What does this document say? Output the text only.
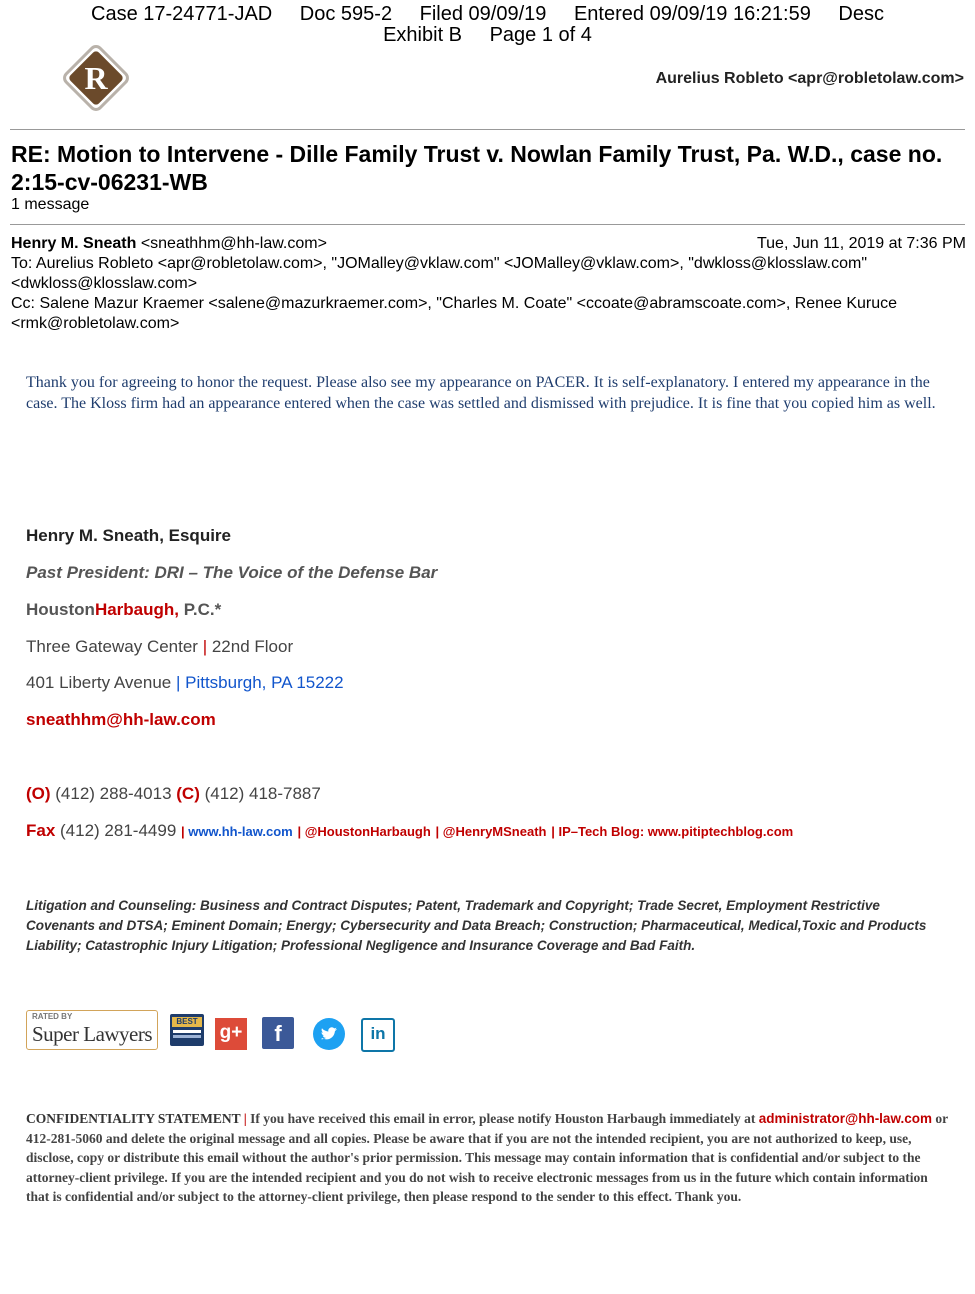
Case 17-24771-JAD Doc 595-2 Filed 09/09/19 Entered 09/09/19 16:21:59 Desc
Exhibit B Page 1 of 4
R	Aurelius Robleto <apr@robletolaw.com>
RE: Motion to Intervene - Dille Family Trust v. Nowlan Family Trust, Pa. W.D., case no. 2:15-cv-06231-WB
1 message
Henry M. Sneath <sneathhm@hh-law.com>	Tue, Jun 11, 2019 at 7:36 PM
To: Aurelius Robleto <apr@robletolaw.com>, "JOMalley@vklaw.com" <JOMalley@vklaw.com>, "dwkloss@klosslaw.com" <dwkloss@klosslaw.com>
Cc: Salene Mazur Kraemer <salene@mazurkraemer.com>, "Charles M. Coate" <ccoate@abramscoate.com>, Renee Kuruce <rmk@robletolaw.com>
Thank you for agreeing to honor the request. Please also see my appearance on PACER. It is self-explanatory. I entered my appearance in the case. The Kloss firm had an appearance entered when the case was settled and dismissed with prejudice. It is fine that you copied him as well.
Henry M. Sneath, Esquire
Past President: DRI – The Voice of the Defense Bar
HoustonHarbaugh, P.C.*
Three Gateway Center | 22nd Floor
401 Liberty Avenue | Pittsburgh, PA 15222
sneathhm@hh-law.com
(O) (412) 288-4013 (C) (412) 418-7887
Fax (412) 281-4499 | www.hh-law.com | @HoustonHarbaugh | @HenryMSneath | IP–Tech Blog: www.pitiptechblog.com
Litigation and Counseling: Business and Contract Disputes; Patent, Trademark and Copyright; Trade Secret, Employment Restrictive Covenants and DTSA; Eminent Domain; Energy; Cybersecurity and Data Breach; Construction; Pharmaceutical, Medical,Toxic and Products Liability; Catastrophic Injury Litigation; Professional Negligence and Insurance Coverage and Bad Faith.
RATED BY
Super Lawyers
BEST
g+	f	in
CONFIDENTIALITY STATEMENT | If you have received this email in error, please notify Houston Harbaugh immediately at administrator@hh-law.com or 412-281-5060 and delete the original message and all copies. Please be aware that if you are not the intended recipient, you are not authorized to keep, use, disclose, copy or distribute this email without the author's prior permission. This message may contain information that is confidential and/or subject to the attorney-client privilege. If you are the intended recipient and you do not wish to receive electronic messages from us in the future which contain information that is confidential and/or subject to the attorney-client privilege, then please respond to the sender to this effect. Thank you.
